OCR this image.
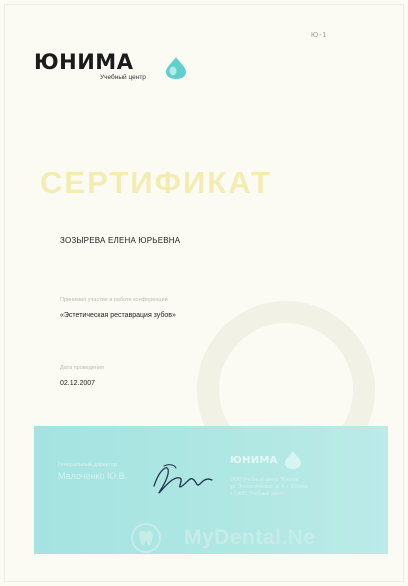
Ю-1
ЮНИМА
Учебный центр
СЕРТИФИКАТ
ЗОЗЫРЕВА ЕЛЕНА ЮРЬЕВНА
Принимал участие в работе конференции
«Эстетическая реставрация зубов»
Дата проведения
02.12.2007
Генеральный директор
Малоченко Ю.В.
ЮНИМА
ООО Учебный центр "Юнима"
ул. Зоологическая, д. 4, г. Москва
+7(495) Учебный центр
MyDental.Ne
